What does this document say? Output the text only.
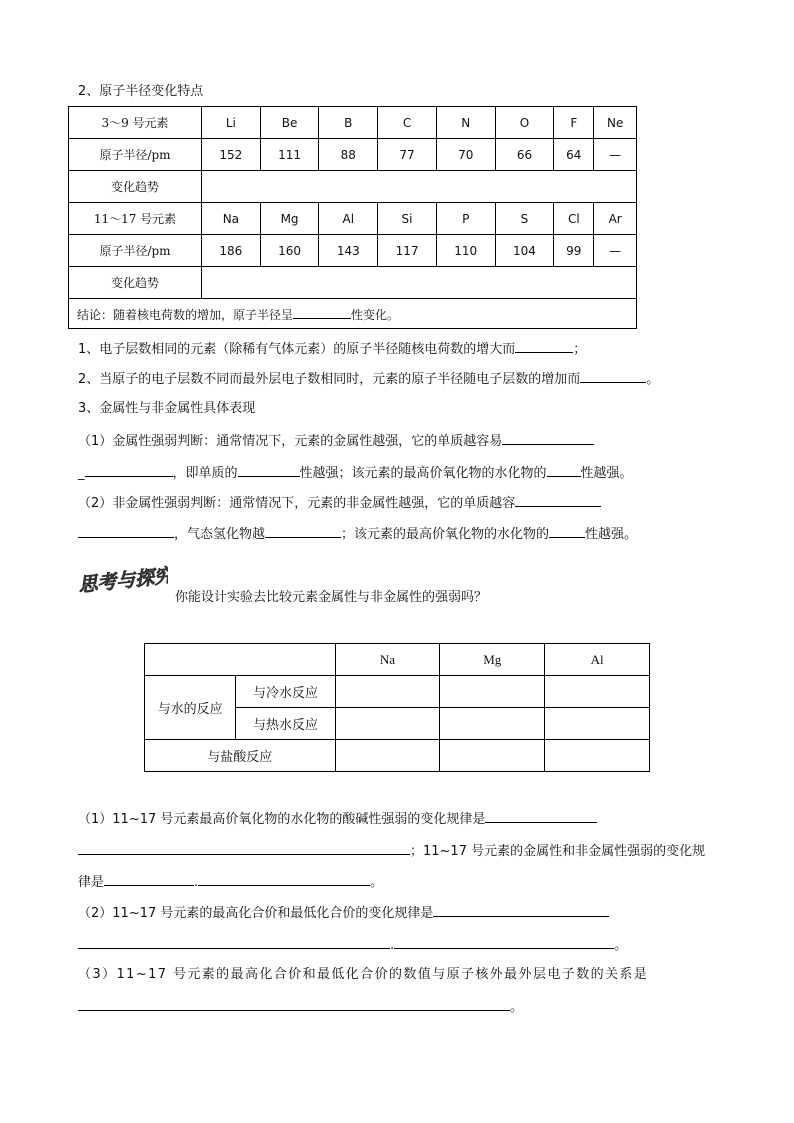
2、原子半径变化特点
3～9 号元素	Li	Be	B	C	N	O	F	Ne
原子半径/pm	152	111	88	77	70	66	64	—
变化趋势								
11～17 号元素	Na	Mg	Al	Si	P	S	Cl	Ar
原子半径/pm	186	160	143	117	110	104	99	—
变化趋势								
结论：随着核电荷数的增加，原子半径呈 性变化。								
1、电子层数相同的元素（除稀有气体元素）的原子半径随核电荷数的增大而	；
2、当原子的电子层数不同而最外层电子数相同时，元素的原子半径随电子层数的增加而	。
3、金属性与非金属性具体表现
（1）金属性强弱判断：通常情况下，元素的金属性越强，它的单质越容易
_	，即单质的	性越强；该元素的最高价氧化物的水化物的	性越强。
（2）非金属性强弱判断：通常情况下，元素的非金属性越强，它的单质越容
，气态氢化物越	；该元素的最高价氧化物的水化物的	性越强。
思考与探究
你能设计实验去比较元素金属性与非金属性的强弱吗？
		Na	Mg	Al
与水的反应	与冷水反应			
	与热水反应			
与盐酸反应				
（1）11~17 号元素最高价氧化物的水化物的酸碱性强弱的变化规律是
；11~17 号元素的金属性和非金属性强弱的变化规
律是	.	。
（2）11~17 号元素的最高化合价和最低化合价的变化规律是
.	。
（3）11~17 号元素的最高化合价和最低化合价的数值与原子核外最外层电子数的关系是
。
